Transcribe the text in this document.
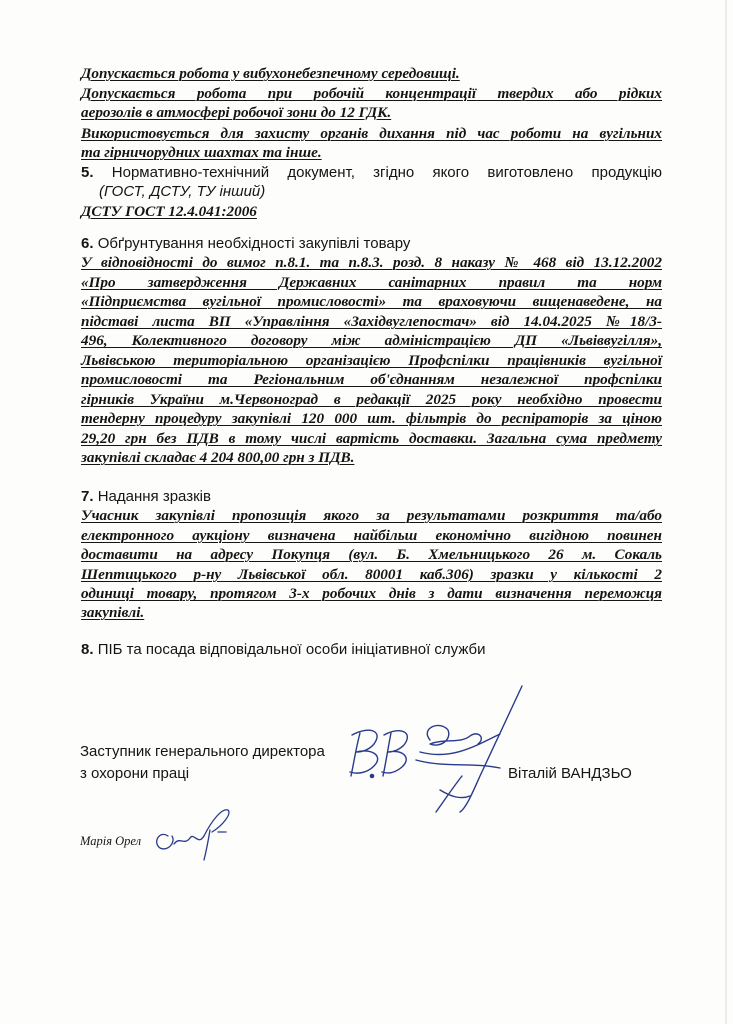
Допускається робота у вибухонебезпечному середовищі.
Допускається робота при робочій концентрації твердих або рідких
аерозолів в атмосфері робочої зони до 12 ГДК.
Використовується для захисту органів дихання під час роботи на вугільних
та гірничорудних шахтах та інше.
5. Нормативно-технічний документ, згідно якого виготовлено продукцію
(ГОСТ, ДСТУ, ТУ інший)
ДСТУ ГОСТ 12.4.041:2006
6. Обґрунтування необхідності закупівлі товару
У відповідності до вимог п.8.1. та п.8.3. розд. 8 наказу № 468 від 13.12.2002
«Про затвердження Державних санітарних правил та норм
«Підприємства вугільної промисловості» та враховуючи вищенаведене, на
підставі листа ВП «Управління «Західвуглепостач» від 14.04.2025 №18/3-
496, Колективного договору між адміністрацією ДП «Львіввугілля»,
Львівською територіальною організацією Профспілки працівників вугільної
промисловості та Регіональним об'єднанням незалежної профспілки
гірників України м.Червоноград в редакції 2025 року необхідно провести
тендерну процедуру закупівлі 120 000 шт. фільтрів до респіраторів за ціною
29,20 грн без ПДВ в тому числі вартість доставки. Загальна сума предмету
закупівлі складає 4 204 800,00 грн з ПДВ.
7. Надання зразків
Учасник закупівлі пропозиція якого за результатами розкриття та/або
електронного аукціону визначена найбільш економічно вигідною повинен
доставити на адресу Покупця (вул. Б. Хмельницького 26 м. Сокаль
Шептицького р-ну Львівської обл. 80001 каб.306) зразки у кількості 2
одиниці товару, протягом 3-х робочих днів з дати визначення переможця
закупівлі.
8. ПІБ та посада відповідальної особи ініціативної служби
Заступник генерального директора
з охорони праці	Віталій ВАНДЗЬО
Марія Орел
